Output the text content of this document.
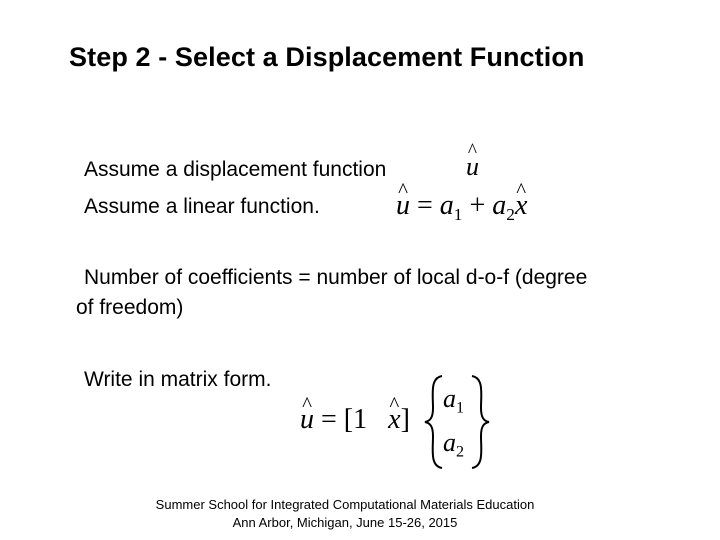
Step 2 - Select a Displacement Function
Assume a displacement function	^ u
Assume a linear function.	^ $u = a_1$ + $a_2\^{}$ x
Number of coefficients = number of local d-o-f (degree
of freedom)
Write in matrix form.
^ u = [1   ^ x]
$a_1$
$a_2$
Summer School for Integrated Computational Materials Education
Ann Arbor, Michigan, June 15-26, 2015
